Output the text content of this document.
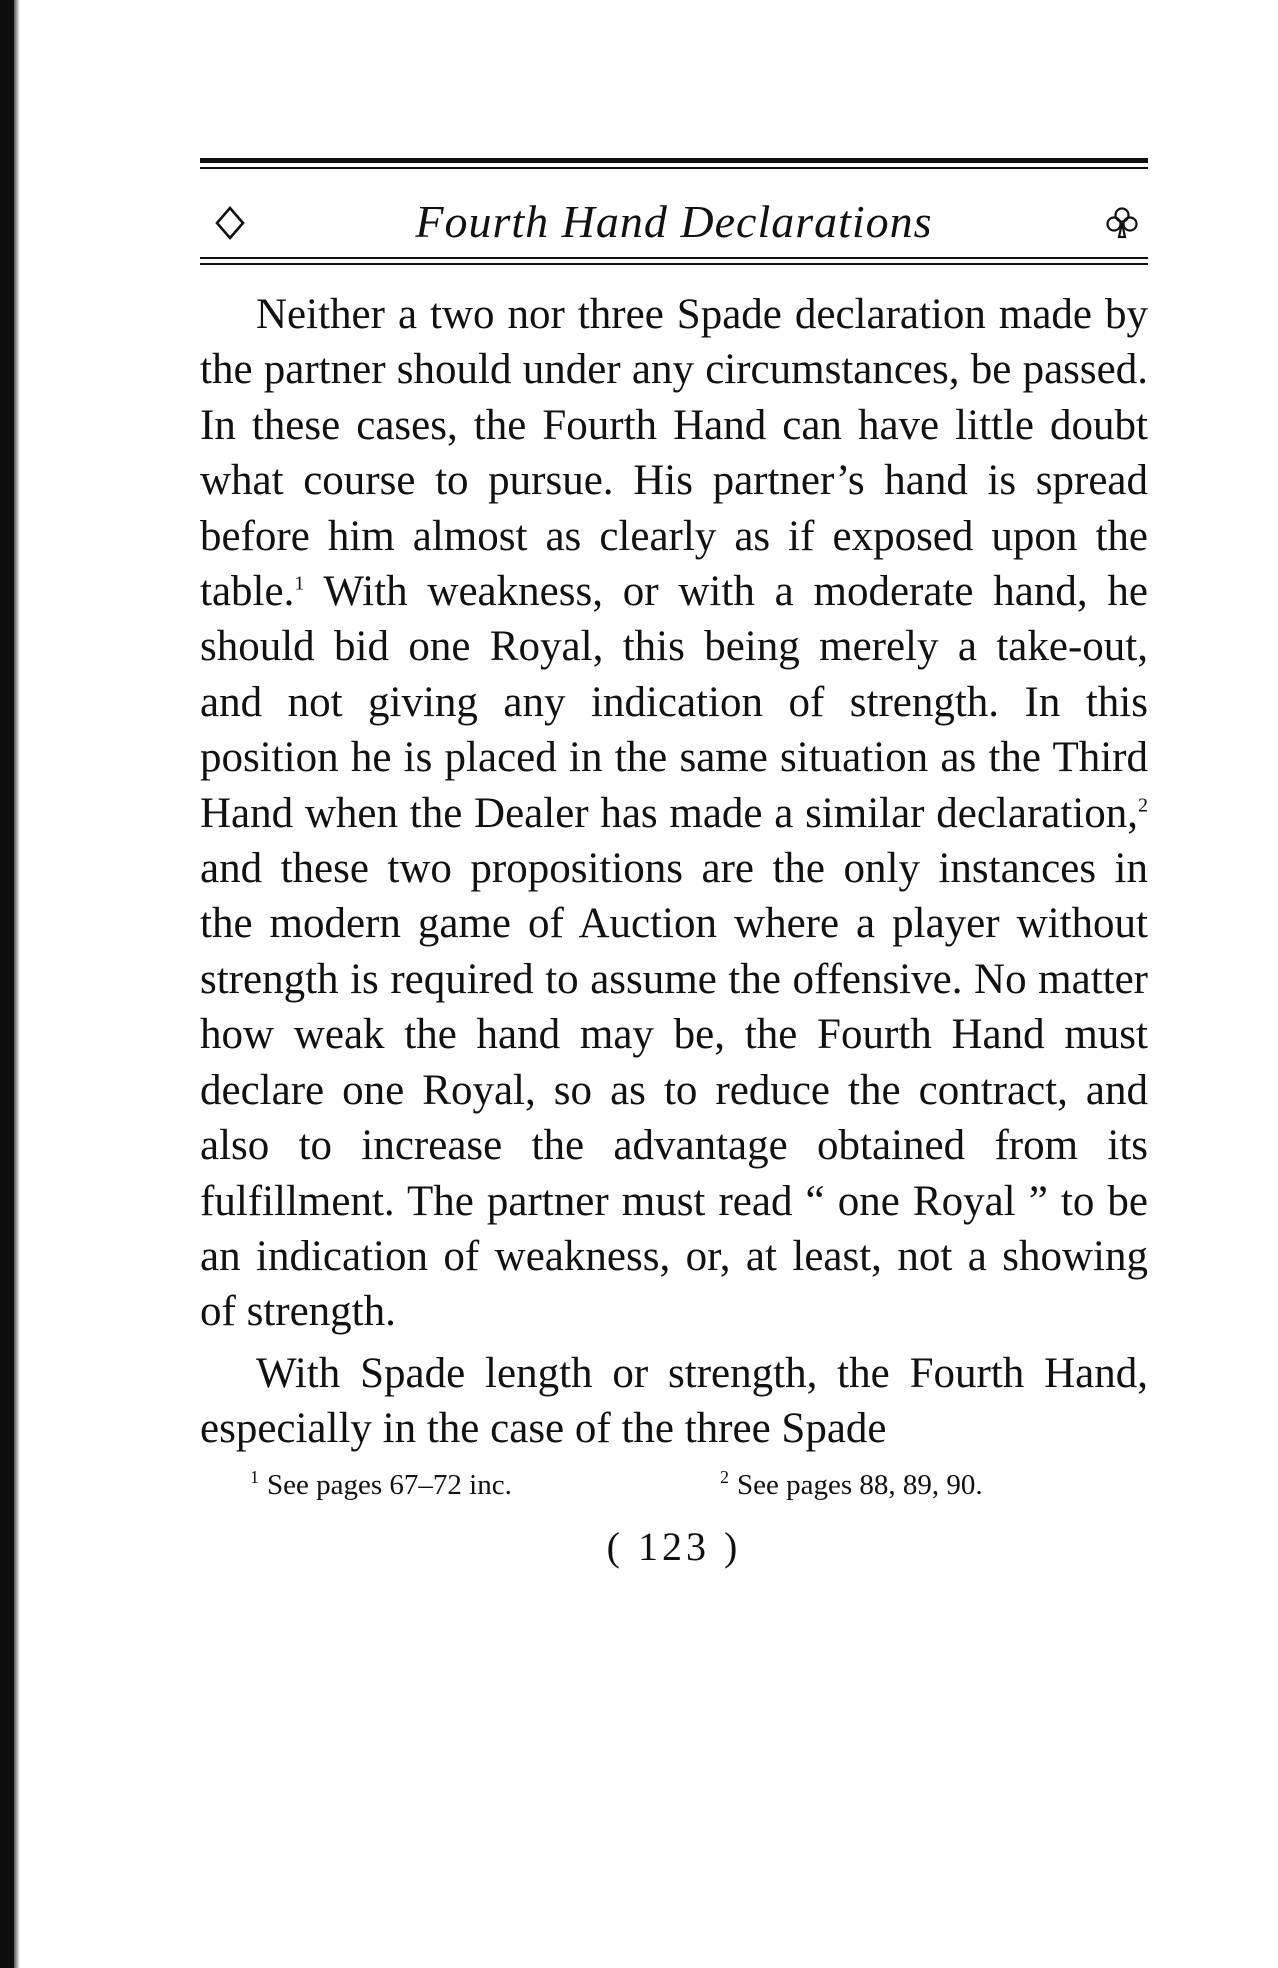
Fourth Hand Declarations

Neither a two nor three Spade declaration made by the partner should under any circumstances, be passed. In these cases, the Fourth Hand can have little doubt what course to pursue. His partner’s hand is spread before him almost as clearly as if exposed upon the table.$^1$ With weakness, or with a moderate hand, he should bid one Royal, this being merely a take-out, and not giving any indication of strength. In this position he is placed in the same situation as the Third Hand when the Dealer has made a similar declaration,$^2$ and these two propositions are the only instances in the modern game of Auction where a player without strength is required to assume the offensive. No matter how weak the hand may be, the Fourth Hand must declare one Royal, so as to reduce the contract, and also to increase the advantage obtained from its fulfillment. The partner must read “ one Royal ” to be an indication of weakness, or, at least, not a showing of strength.

With Spade length or strength, the Fourth Hand, especially in the case of the three Spade

$^1$ See pages 67–72 inc.	$^2$ See pages 88, 89, 90.
( 123 )
